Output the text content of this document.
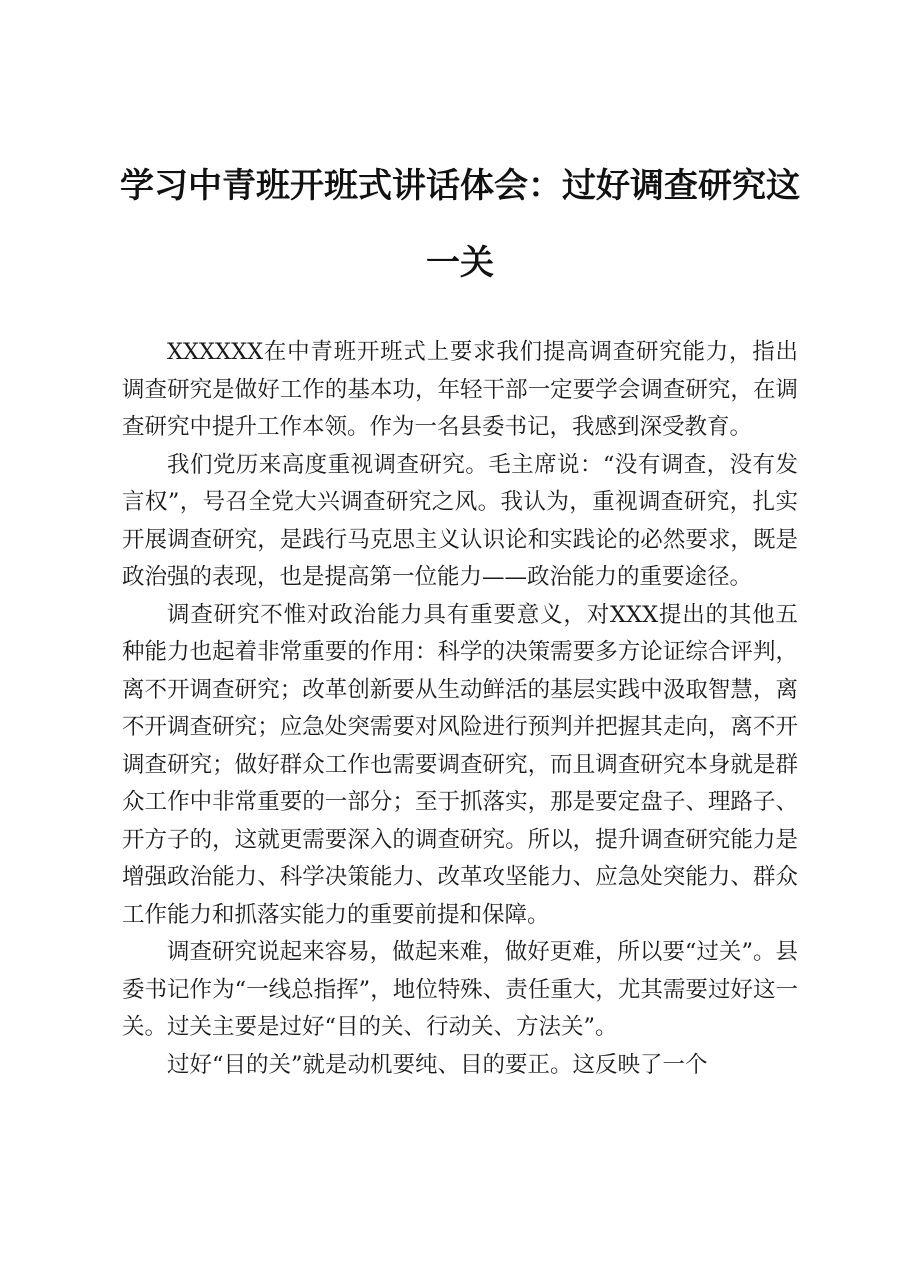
学习中青班开班式讲话体会：过好调查研究这一关

XXXXXX在中青班开班式上要求我们提高调查研究能力，指出调查研究是做好工作的基本功，年轻干部一定要学会调查研究，在调查研究中提升工作本领。作为一名县委书记，我感到深受教育。

我们党历来高度重视调查研究。毛主席说：“没有调查，没有发言权”，号召全党大兴调查研究之风。我认为，重视调查研究，扎实开展调查研究，是践行马克思主义认识论和实践论的必然要求，既是政治强的表现，也是提高第一位能力——政治能力的重要途径。

调查研究不惟对政治能力具有重要意义，对XXX提出的其他五种能力也起着非常重要的作用：科学的决策需要多方论证综合评判，离不开调查研究；改革创新要从生动鲜活的基层实践中汲取智慧，离不开调查研究；应急处突需要对风险进行预判并把握其走向，离不开调查研究；做好群众工作也需要调查研究，而且调查研究本身就是群众工作中非常重要的一部分；至于抓落实，那是要定盘子、理路子、开方子的，这就更需要深入的调查研究。所以，提升调查研究能力是增强政治能力、科学决策能力、改革攻坚能力、应急处突能力、群众工作能力和抓落实能力的重要前提和保障。

调查研究说起来容易，做起来难，做好更难，所以要“过关”。县委书记作为“一线总指挥”，地位特殊、责任重大，尤其需要过好这一关。过关主要是过好“目的关、行动关、方法关”。

过好“目的关”就是动机要纯、目的要正。这反映了一个
